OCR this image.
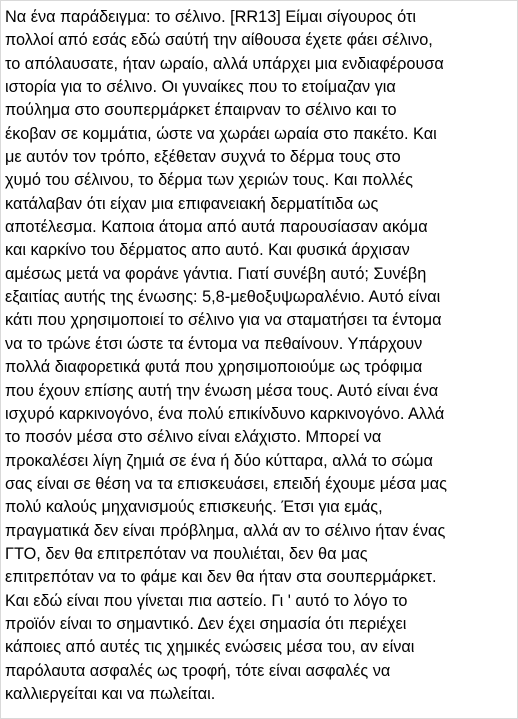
Να ένα παράδειγμα: το σέλινο. [RR13] Είμαι σίγουρος ότι
πολλοί από εσάς εδώ σαύτή την αίθουσα έχετε φάει σέλινο,
το απόλαυσατε, ήταν ωραίο, αλλά υπάρχει μια ενδιαφέρουσα
ιστορία για το σέλινο. Οι γυναίκες που το ετοίμαζαν για
πούλημα στο σουπερμάρκετ έπαιρναν το σέλινο και το
έκοβαν σε κομμάτια, ώστε να χωράει ωραία στο πακέτο. Και
με αυτόν τον τρόπο, εξέθεταν συχνά το δέρμα τους στο
χυμό του σέλινου, το δέρμα των χεριών τους. Και πολλές
κατάλαβαν ότι είχαν μια επιφανειακή δερματίτιδα ως
αποτέλεσμα. Καποια άτομα από αυτά παρουσίασαν ακόμα
και καρκίνο του δέρματος απο αυτό. Και φυσικά άρχισαν
αμέσως μετά να φοράνε γάντια. Γιατί συνέβη αυτό; Συνέβη
εξαιτίας αυτής της ένωσης: 5,8-μεθοξυψωραλένιο. Αυτό είναι
κάτι που χρησιμοποιεί το σέλινο για να σταματήσει τα έντομα
να το τρώνε έτσι ώστε τα έντομα να πεθαίνουν. Υπάρχουν
πολλά διαφορετικά φυτά που χρησιμοποιούμε ως τρόφιμα
που έχουν επίσης αυτή την ένωση μέσα τους. Αυτό είναι ένα
ισχυρό καρκινογόνο, ένα πολύ επικίνδυνο καρκινογόνο. Αλλά
το ποσόν μέσα στο σέλινο είναι ελάχιστο. Μπορεί να
προκαλέσει λίγη ζημιά σε ένα ή δύο κύτταρα, αλλά το σώμα
σας είναι σε θέση να τα επισκευάσει, επειδή έχουμε μέσα μας
πολύ καλούς μηχανισμούς επισκευής. Έτσι για εμάς,
πραγματικά δεν είναι πρόβλημα, αλλά αν το σέλινο ήταν ένας
ΓΤΟ, δεν θα επιτρεπόταν να πουλιέται, δεν θα μας
επιτρεπόταν να το φάμε και δεν θα ήταν στα σουπερμάρκετ.
Και εδώ είναι που γίνεται πια αστείο. Γι ' αυτό το λόγο το
προϊόν είναι το σημαντικό. Δεν έχει σημασία ότι περιέχει
κάποιες από αυτές τις χημικές ενώσεις μέσα του, αν είναι
παρόλαυτα ασφαλές ως τροφή, τότε είναι ασφαλές να
καλλιεργείται και να πωλείται.
